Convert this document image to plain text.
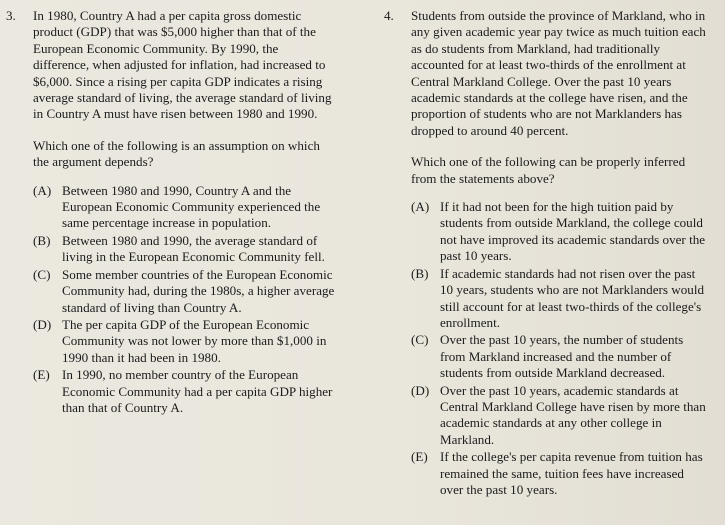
3.	In 1980, Country A had a per capita gross domestic product (GDP) that was $5,000 higher than that of the European Economic Community. By 1990, the difference, when adjusted for inflation, had increased to $6,000. Since a rising per capita GDP indicates a rising average standard of living, the average standard of living in Country A must have risen between 1980 and 1990.
Which one of the following is an assumption on which the argument depends?
(A) Between 1980 and 1990, Country A and the European Economic Community experienced the same percentage increase in population.
(B) Between 1980 and 1990, the average standard of living in the European Economic Community fell.
(C) Some member countries of the European Economic Community had, during the 1980s, a higher average standard of living than Country A.
(D) The per capita GDP of the European Economic Community was not lower by more than $1,000 in 1990 than it had been in 1980.
(E) In 1990, no member country of the European Economic Community had a per capita GDP higher than that of Country A.
4.	Students from outside the province of Markland, who in any given academic year pay twice as much tuition each as do students from Markland, had traditionally accounted for at least two-thirds of the enrollment at Central Markland College. Over the past 10 years academic standards at the college have risen, and the proportion of students who are not Marklanders has dropped to around 40 percent.
Which one of the following can be properly inferred from the statements above?
(A) If it had not been for the high tuition paid by students from outside Markland, the college could not have improved its academic standards over the past 10 years.
(B) If academic standards had not risen over the past 10 years, students who are not Marklanders would still account for at least two-thirds of the college's enrollment.
(C) Over the past 10 years, the number of students from Markland increased and the number of students from outside Markland decreased.
(D) Over the past 10 years, academic standards at Central Markland College have risen by more than academic standards at any other college in Markland.
(E) If the college's per capita revenue from tuition has remained the same, tuition fees have increased over the past 10 years.
